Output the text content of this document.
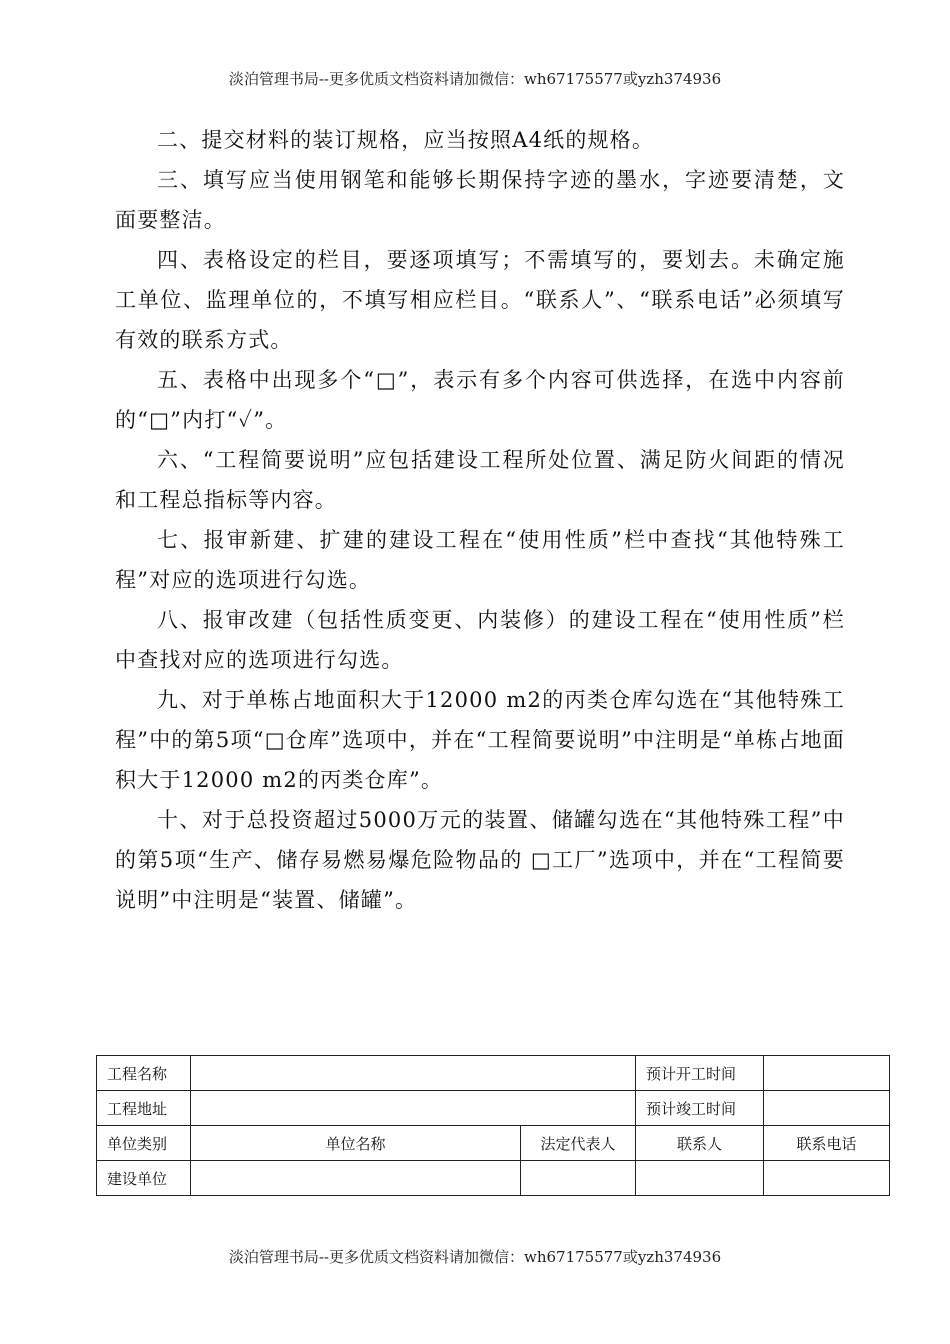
淡泊管理书局--更多优质文档资料请加微信：wh67175577或yzh374936

二、提交材料的装订规格，应当按照A4纸的规格。

三、填写应当使用钢笔和能够长期保持字迹的墨水，字迹要清楚，文面要整洁。

四、表格设定的栏目，要逐项填写；不需填写的，要划去。未确定施工单位、监理单位的，不填写相应栏目。“联系人”、“联系电话”必须填写有效的联系方式。

五、表格中出现多个“□”，表示有多个内容可供选择，在选中内容前的“□”内打“✓”。

六、“工程简要说明”应包括建设工程所处位置、满足防火间距的情况和工程总指标等内容。

七、报审新建、扩建的建设工程在“使用性质”栏中查找“其他特殊工程”对应的选项进行勾选。

八、报审改建（包括性质变更、内装修）的建设工程在“使用性质”栏中查找对应的选项进行勾选。

九、对于单栋占地面积大于12000 m2的丙类仓库勾选在“其他特殊工程”中的第5项“□仓库”选项中，并在“工程简要说明”中注明是“单栋占地面积大于12000 m2的丙类仓库”。

十、对于总投资超过5000万元的装置、储罐勾选在“其他特殊工程”中的第5项“生产、储存易燃易爆危险物品的 □工厂”选项中，并在“工程简要说明”中注明是“装置、储罐”。

工程名称			预计开工时间	
工程地址			预计竣工时间	
单位类别	单位名称	法定代表人	联系人	联系电话
建设单位				
淡泊管理书局--更多优质文档资料请加微信：wh67175577或yzh374936
